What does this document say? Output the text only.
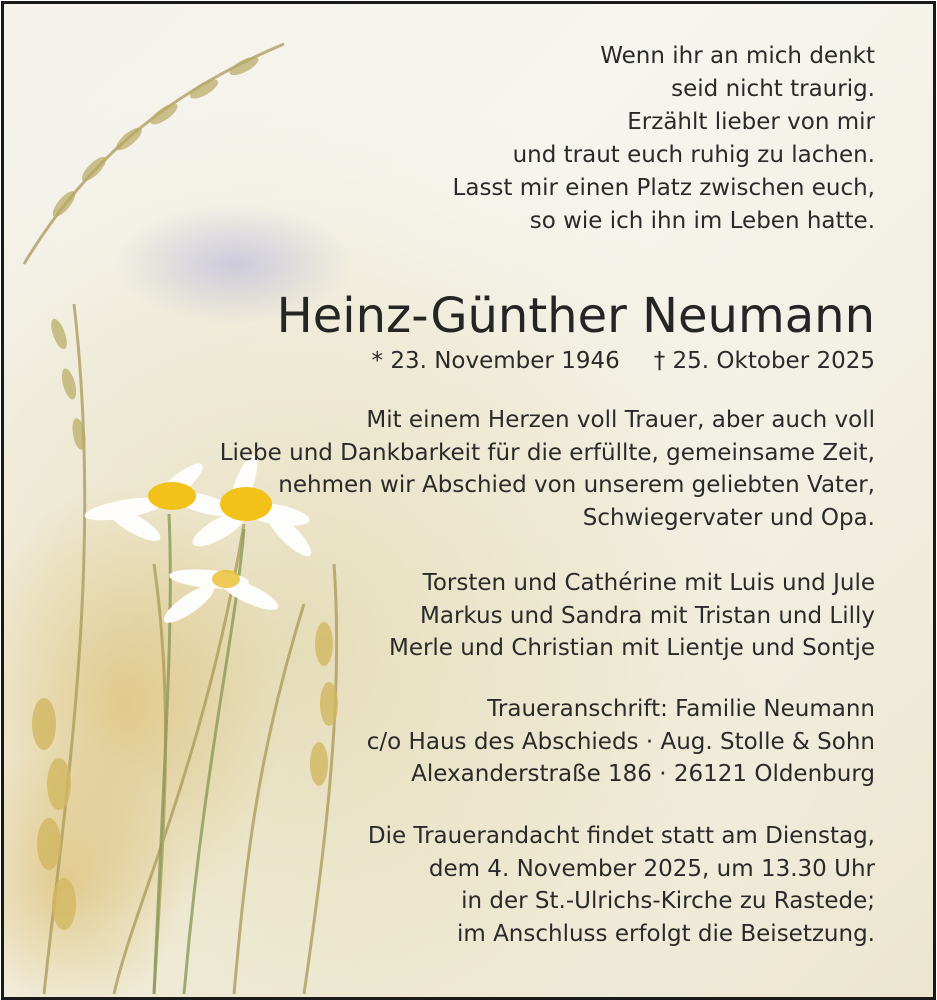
Wenn ihr an mich denkt
seid nicht traurig.
Erzählt lieber von mir
und traut euch ruhig zu lachen.
Lasst mir einen Platz zwischen euch,
so wie ich ihn im Leben hatte.
Heinz-Günther Neumann
* 23. November 1946 † 25. Oktober 2025
Mit einem Herzen voll Trauer, aber auch voll
Liebe und Dankbarkeit für die erfüllte, gemeinsame Zeit,
nehmen wir Abschied von unserem geliebten Vater,
Schwiegervater und Opa.
Torsten und Cathérine mit Luis und Jule
Markus und Sandra mit Tristan und Lilly
Merle und Christian mit Lientje und Sontje
Traueranschrift: Familie Neumann
c/o Haus des Abschieds · Aug. Stolle & Sohn
Alexanderstraße 186 · 26121 Oldenburg
Die Trauerandacht findet statt am Dienstag,
dem 4. November 2025, um 13.30 Uhr
in der St.-Ulrichs-Kirche zu Rastede;
im Anschluss erfolgt die Beisetzung.
